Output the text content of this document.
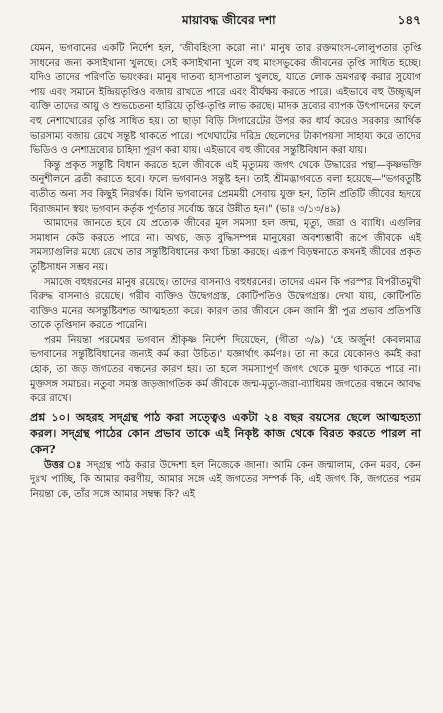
মায়াবদ্ধ জীবের দশা	১৪৭

যেমন, ভগবানের একটি নির্দেশ হল, 'জীবহিংসা করো না।' মানুষ তার রক্তমাংস-লোলুপতার তৃপ্তি সাধনের জন্য কসাইখানা খুলছে। সেই কসাইখানা খুলে বহু মাংসভুকের জীবনের তৃপ্তি সাধিত হচ্ছে। যদিও তাদের পরিণতি ভয়ংকর। মানুষ দাতব্য হাসপাতাল খুলছে, যাতে লোক ভ্রমণরত্ব করার সুযোগ পায় এবং সমানে ইন্দ্রিয়তৃপ্তিও বজায় রাখতে পারে এবং বীর্যক্ষয় করতে পারে। এইভাবে বহু উচ্ছৃঙ্খল ব্যক্তি তাদের আয়ু ও শুভচেতনা হারিয়ে তৃপ্তি-তৃপ্তি লাভ করছে। মাদক দ্রব্যের ব্যাপক উৎপাদনের ফলে বহু নেশাখোরের তৃপ্তি সাধিত হয়। তা ছাড়া বিড়ি সিগারেটের উপর কর ধার্য করেও সরকার আর্থিক ভারসাম্য বজায় রেখে সন্তুষ্ট থাকতে পারে। পথেঘাটের দরিদ্র ছেলেদের টাকাপয়সা সাহায্য করে তাদের ভিডিও ও নেশাদ্রব্যের চাহিদা পূরণ করা যায়। এইভাবে বহু জীবের সন্তুষ্টিবিধান করা যায়।

কিন্তু প্রকৃত সন্তুষ্টি বিধান করতে হলে জীবকে এই মৃত্যুময় জগৎ থেকে উদ্ধারের পন্থা—কৃষ্ণভক্তি অনুশীলনে ব্রতী করাতে হবে। ফলে ভগবানও সন্তুষ্ট হন। তাই শ্রীমদ্ভাগবতে বলা হয়েছে—"ভগবতুষ্টি ব্যতীত অন্য সব কিছুই নিরর্থক। যিনি ভগবানের প্রেমময়ী সেবায় যুক্ত হন, তিনি প্রতিটি জীবের হৃদয়ে বিরাজমান স্বয়ং ভগবান কর্তৃক পূর্ণতার সর্বোচ্চ স্তরে উন্নীত হন।" (ভাঃ ৩/১৩/৪৯)

আমাদের জানতে হবে যে প্রত্যেক জীবের মূল সমস্যা হল জন্ম, মৃত্যু, জরা ও ব্যাধি। এগুলির সমাধান কেউ করতে পারে না। অথচ, জড় বুদ্ধিসম্পন্ন মানুষেরা অবশ্যম্ভাবী রূপে জীবকে এই সমস্যাগুলির মধ্যে রেখে তার সন্তুষ্টিবিধানের কথা চিন্তা করছে। এরূপ বিড়ম্বনাতে কখনই জীবের প্রকৃত তুষ্টিসাধন সম্ভব নয়।

সমাজে বহুধরনের মানুষ রয়েছে। তাদের বাসনাও বহুধরনের। তাদের এমন কি পরস্পর বিপরীতমুখী বিরুদ্ধ বাসনাও রয়েছে। গরীব ব্যক্তিও উদ্বেগগ্রস্ত, কোটিপতিও উদ্বেগগ্রস্ত। দেখা যায়, কোটিপতি ব্যক্তিও মনের অসন্তুষ্টিবশত আত্মহত্যা করে। কারণ তার জীবনে কেন জানি স্ত্রী পুত্র প্রভাব প্রতিপত্তি তাকে তৃপ্তিদান করতে পারেনি।

পরম নিয়ন্তা পরমেশ্বর ভগবান শ্রীকৃষ্ণ নির্দেশ দিয়েছেন, (গীতা ৩/৯) 'হে অর্জুন! কেবলমাত্র ভগবানের সন্তুষ্টিবিধানের জন্যই কর্ম করা উচিত।' যজ্ঞার্থাৎ কর্মণঃ। তা না করে যেকোনও কর্মই করা হোক, তা জড় জগতের বন্ধনের কারণ হয়। তা হলে সমস্যাপূর্ণ জগৎ থেকে মুক্ত থাকতে পারে না। মুক্তসঙ্গ সমাচর। নতুবা সমস্ত জড়জাগতিক কর্ম জীবকে জন্ম-মৃত্যু-জরা-ব্যাধিময় জগতের বন্ধনে আবদ্ধ করে রাখে।

প্রশ্ন ১০। অহরহ সদ্গ্রন্থ পাঠ করা সত্ত্বেও একটা ২৪ বছর বয়সের ছেলে আত্মহত্যা করল। সদ্গ্রন্থ পাঠের কোন প্রভাব তাকে এই নিকৃষ্ট কাজ থেকে বিরত করতে পারল না কেন?

উত্তর ঃ সদ্গ্রন্থ পাঠ করার উদ্দেশ্য হল নিজেকে জানা। আমি কেন জন্মালাম, কেন মরব, কেন দুঃখ পাচ্ছি, কি আমার করণীয়, আমার সঙ্গে এই জগতের সম্পর্ক কি, এই জগৎ কি, জগতের পরম নিয়ন্তা কে, তাঁর সঙ্গে আমার সম্বন্ধ কি? এই
